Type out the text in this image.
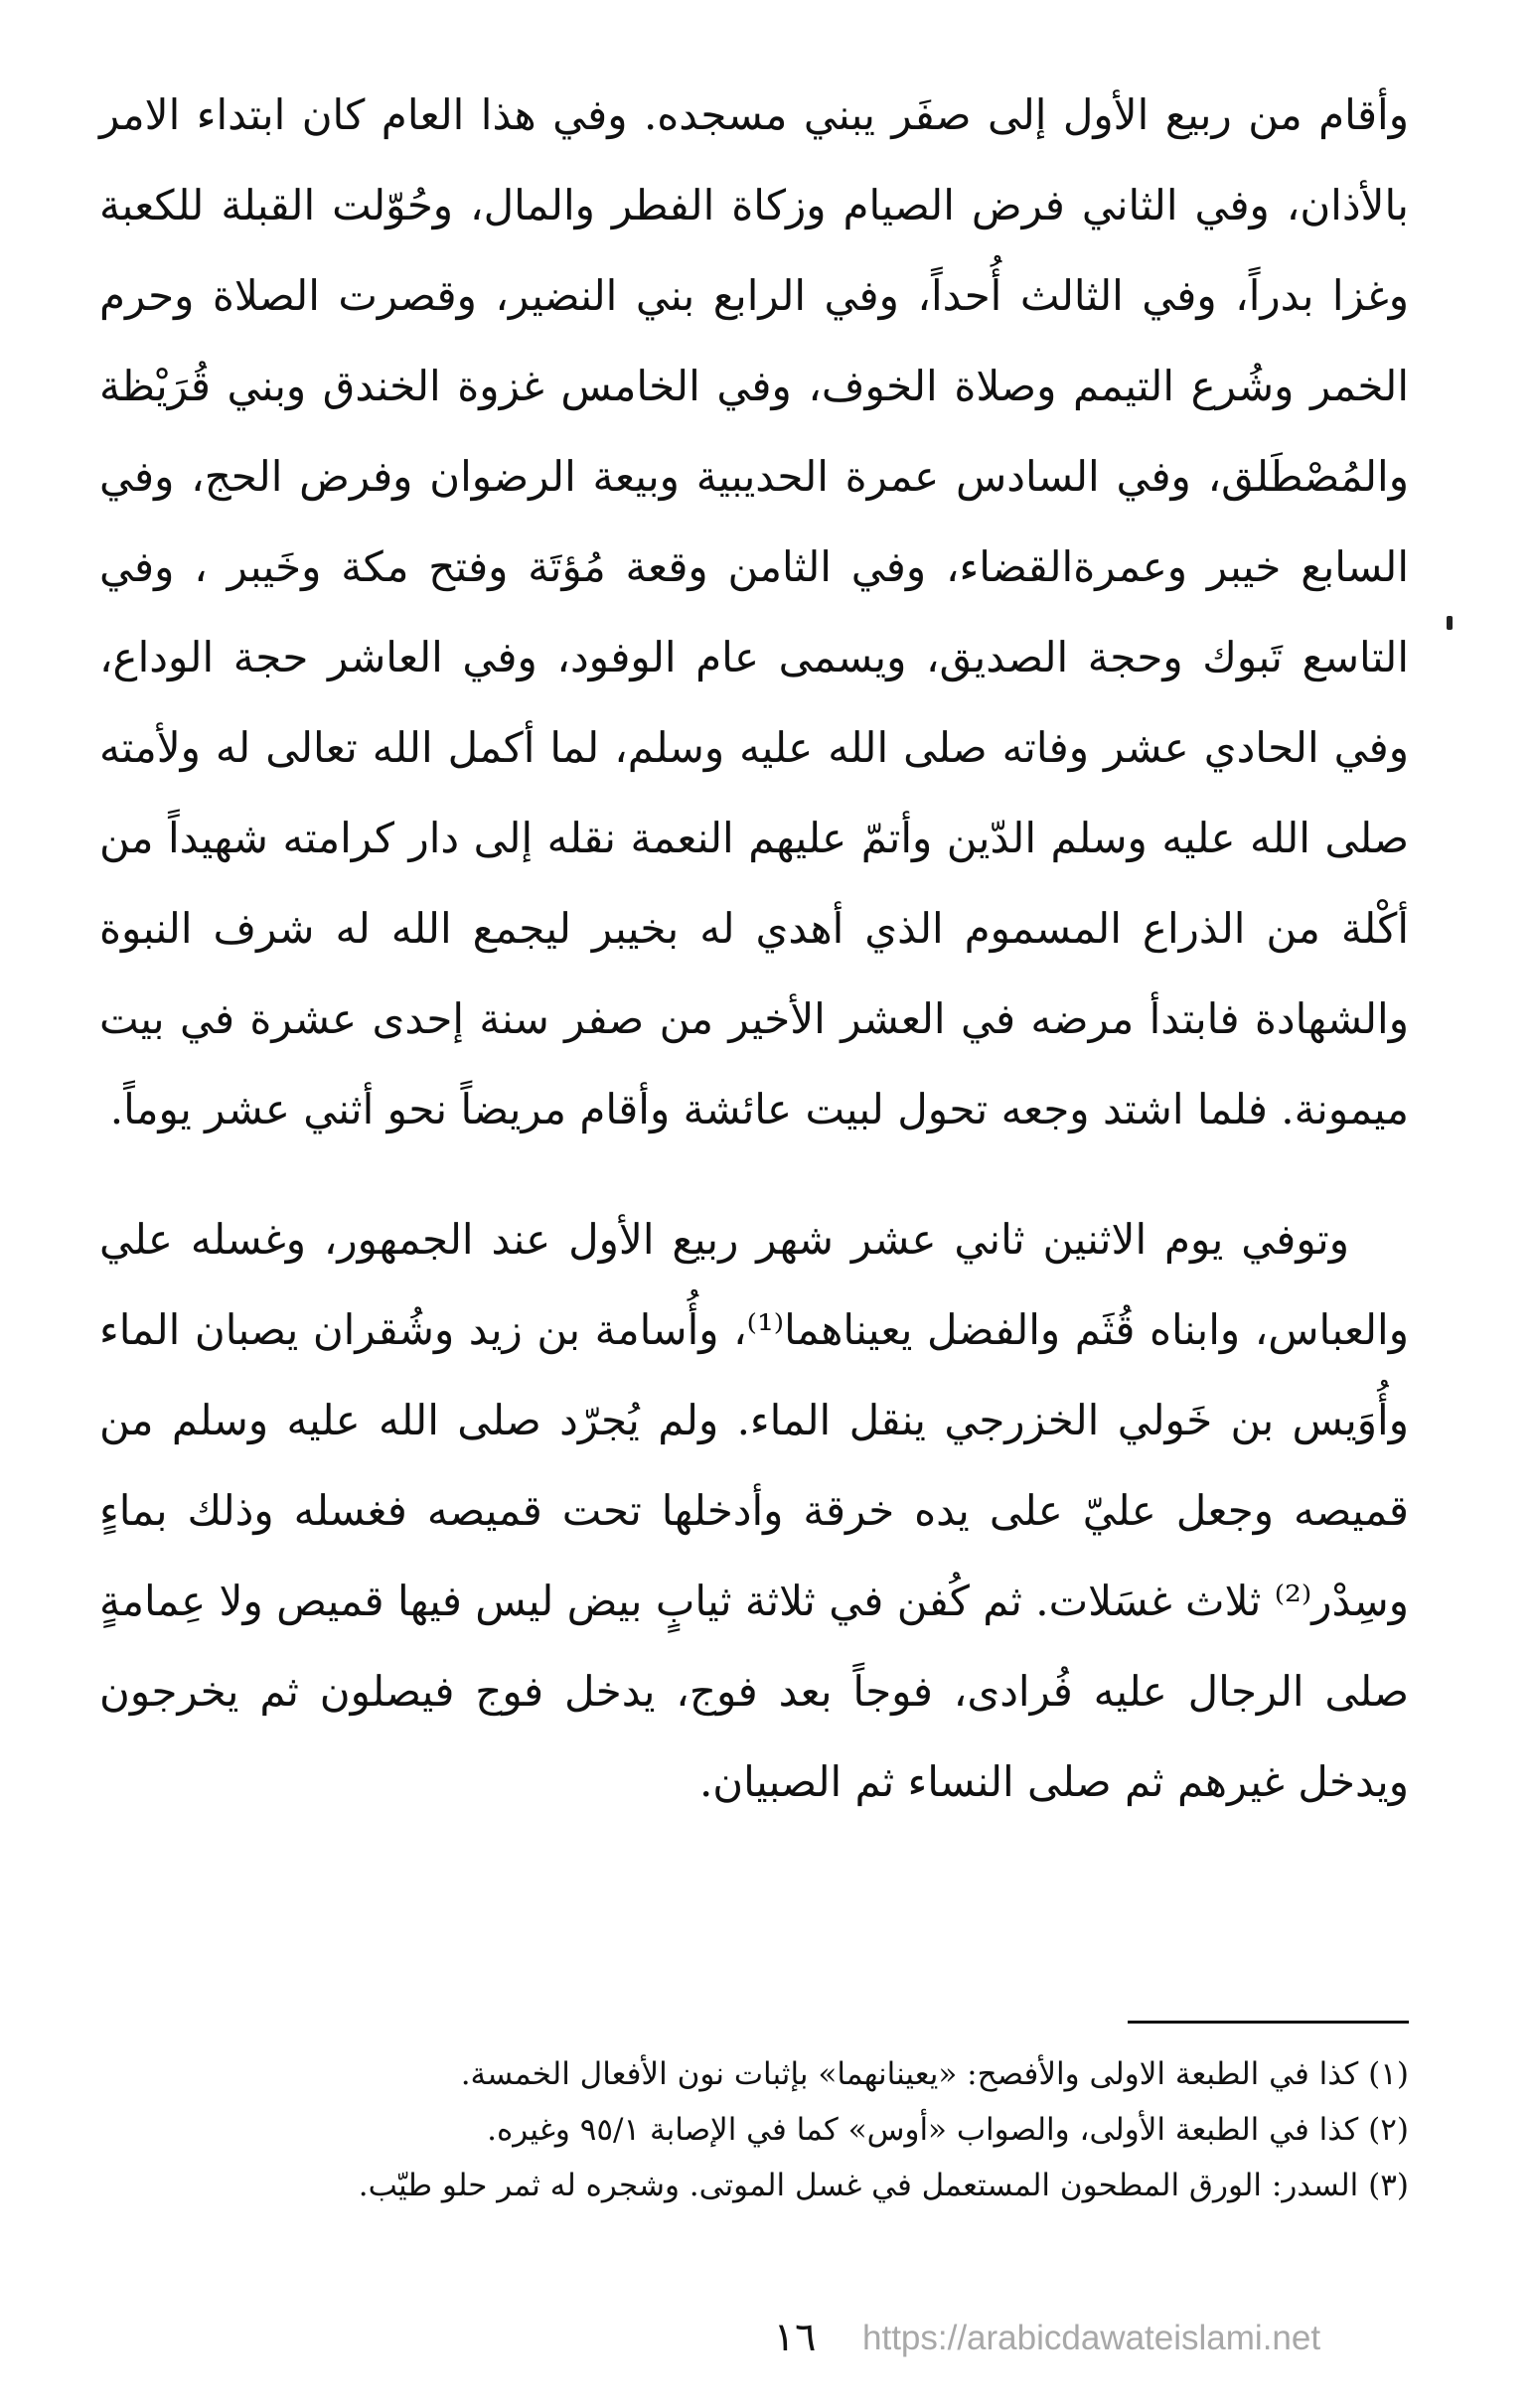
وأقام من ربيع الأول إلى صفَر يبني مسجده. وفي هذا العام كان ابتداء الامر بالأذان، وفي الثاني فرض الصيام وزكاة الفطر والمال، وحُوّلت القبلة للكعبة وغزا بدراً، وفي الثالث أُحداً، وفي الرابع بني النضير، وقصرت الصلاة وحرم الخمر وشُرع التيمم وصلاة الخوف، وفي الخامس غزوة الخندق وبني قُرَيْظة والمُصْطَلق، وفي السادس عمرة الحديبية وبيعة الرضوان وفرض الحج، وفي السابع خيبر وعمرةالقضاء، وفي الثامن وقعة مُؤتَة وفتح مكة وخَيبر ، وفي التاسع تَبوك وحجة الصديق، ويسمى عام الوفود، وفي العاشر حجة الوداع، وفي الحادي عشر وفاته صلى الله عليه وسلم، لما أكمل الله تعالى له ولأمته صلى الله عليه وسلم الدّين وأتمّ عليهم النعمة نقله إلى دار كرامته شهيداً من أكْلة من الذراع المسموم الذي أهدي له بخيبر ليجمع الله له شرف النبوة والشهادة فابتدأ مرضه في العشر الأخير من صفر سنة إحدى عشرة في بيت ميمونة. فلما اشتد وجعه تحول لبيت عائشة وأقام مريضاً نحو أثني عشر يوماً.

وتوفي يوم الاثنين ثاني عشر شهر ربيع الأول عند الجمهور، وغسله علي والعباس، وابناه قُثَم والفضل يعيناهما⁽¹⁾، وأُسامة بن زيد وشُقران يصبان الماء وأُوَيس بن خَولي الخزرجي ينقل الماء. ولم يُجرّد صلى الله عليه وسلم من قميصه وجعل عليّ على يده خرقة وأدخلها تحت قميصه فغسله وذلك بماءٍ وسِدْر⁽²⁾ ثلاث غسَلات. ثم كُفن في ثلاثة ثيابٍ بيض ليس فيها قميص ولا عِمامةٍ صلى الرجال عليه فُرادى، فوجاً بعد فوج، يدخل فوج فيصلون ثم يخرجون ويدخل غيرهم ثم صلى النساء ثم الصبيان.

(١) كذا في الطبعة الاولى والأفصح: «يعينانهما» بإثبات نون الأفعال الخمسة.

(٢) كذا في الطبعة الأولى، والصواب «أوس» كما في الإصابة ٩٥/١ وغيره.

(٣) السدر: الورق المطحون المستعمل في غسل الموتى. وشجره له ثمر حلو طيّب.

١٦	https://arabicdawateislami.net
